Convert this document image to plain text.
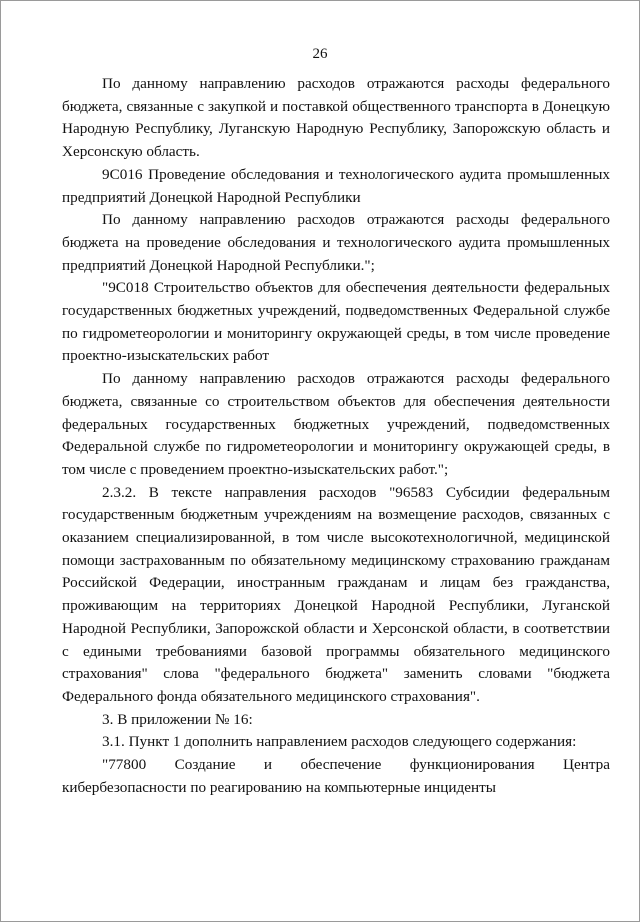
26

По данному направлению расходов отражаются расходы федерального бюджета, связанные с закупкой и поставкой общественного транспорта в Донецкую Народную Республику, Луганскую Народную Республику, Запорожскую область и Херсонскую область.

9С016 Проведение обследования и технологического аудита промышленных предприятий Донецкой Народной Республики

По данному направлению расходов отражаются расходы федерального бюджета на проведение обследования и технологического аудита промышленных предприятий Донецкой Народной Республики.";

"9С018 Строительство объектов для обеспечения деятельности федеральных государственных бюджетных учреждений, подведомственных Федеральной службе по гидрометеорологии и мониторингу окружающей среды, в том числе проведение проектно-изыскательских работ

По данному направлению расходов отражаются расходы федерального бюджета, связанные со строительством объектов для обеспечения деятельности федеральных государственных бюджетных учреждений, подведомственных Федеральной службе по гидрометеорологии и мониторингу окружающей среды, в том числе с проведением проектно-изыскательских работ.";

2.3.2. В тексте направления расходов "96583 Субсидии федеральным государственным бюджетным учреждениям на возмещение расходов, связанных с оказанием специализированной, в том числе высокотехнологичной, медицинской помощи застрахованным по обязательному медицинскому страхованию гражданам Российской Федерации, иностранным гражданам и лицам без гражданства, проживающим на территориях Донецкой Народной Республики, Луганской Народной Республики, Запорожской области и Херсонской области, в соответствии с едиными требованиями базовой программы обязательного медицинского страхования" слова "федерального бюджета" заменить словами "бюджета Федерального фонда обязательного медицинского страхования".

3. В приложении № 16:

3.1. Пункт 1 дополнить направлением расходов следующего содержания:

"77800 Создание и обеспечение функционирования Центра кибербезопасности по реагированию на компьютерные инциденты
